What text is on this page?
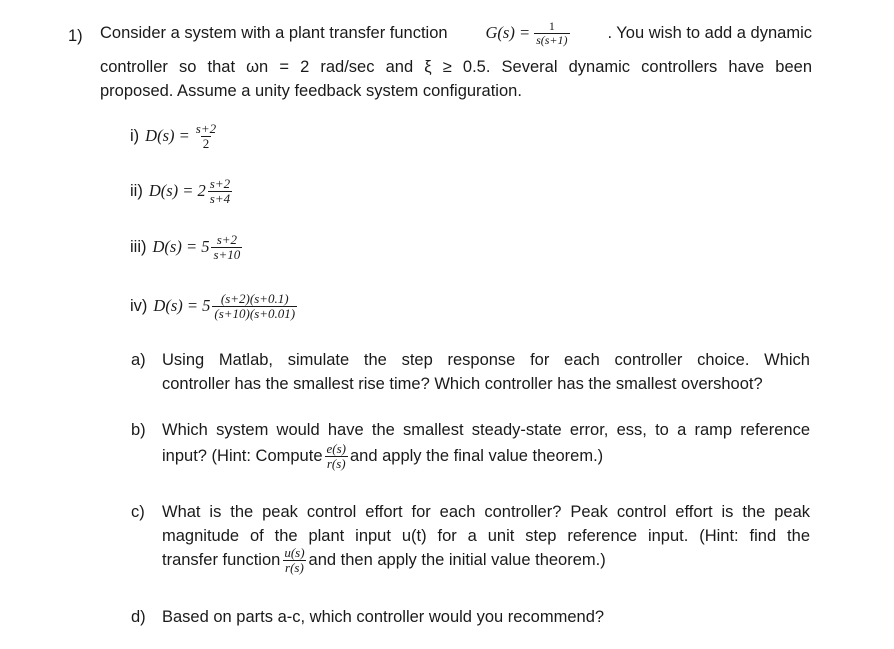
1) Consider a system with a plant transfer function $G(s) = \frac{1}{s(s+1)}$ . You wish to add a dynamic
controller so that ωn = 2 rad/sec and ξ ≥ 0.5. Several dynamic controllers have been
proposed. Assume a unity feedback system configuration.
i) $D(s) = \frac{s+2}{2}$
ii) $D(s) = 2 \frac{s+2}{s+4}$
iii) $D(s) = 5 \frac{s+2}{s+10}$
iv) $D(s) = 5 \frac{(s+2)(s+0.1)}{(s+10)(s+0.01)}$
a) Using Matlab, simulate the step response for each controller choice. Which
controller has the smallest rise time? Which controller has the smallest overshoot?
b) Which system would have the smallest steady-state error, ess, to a ramp reference
input? (Hint: Compute $\frac{e(s)}{r(s)}$ and apply the final value theorem.)
c) What is the peak control effort for each controller? Peak control effort is the peak
magnitude of the plant input u(t) for a unit step reference input. (Hint: find the
transfer function $\frac{u(s)}{r(s)}$ and then apply the initial value theorem.)
d) Based on parts a-c, which controller would you recommend?
